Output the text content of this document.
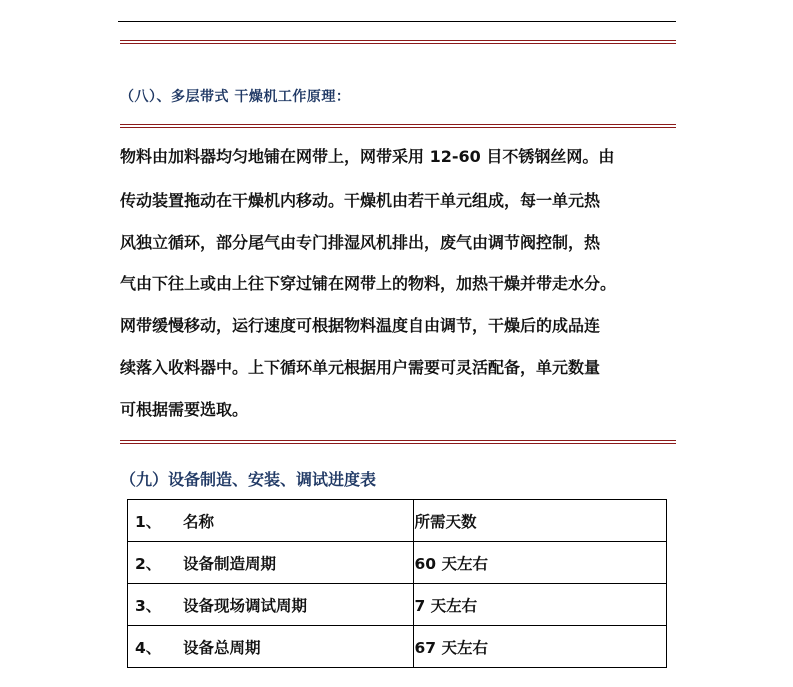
（八）、多层带式 干燥机工作原理：
物料由加料器均匀地铺在网带上，网带采用 12-60 目不锈钢丝网。由
传动装置拖动在干燥机内移动。干燥机由若干单元组成，每一单元热
风独立循环，部分尾气由专门排湿风机排出，废气由调节阀控制，热
气由下往上或由上往下穿过铺在网带上的物料，加热干燥并带走水分。
网带缓慢移动，运行速度可根据物料温度自由调节，干燥后的成品连
续落入收料器中。上下循环单元根据用户需要可灵活配备，单元数量
可根据需要选取。
（九）设备制造、安装、调试进度表
1、 名称	所需天数
2、 设备制造周期	60 天左右
3、 设备现场调试周期	7 天左右
4、 设备总周期	67 天左右
